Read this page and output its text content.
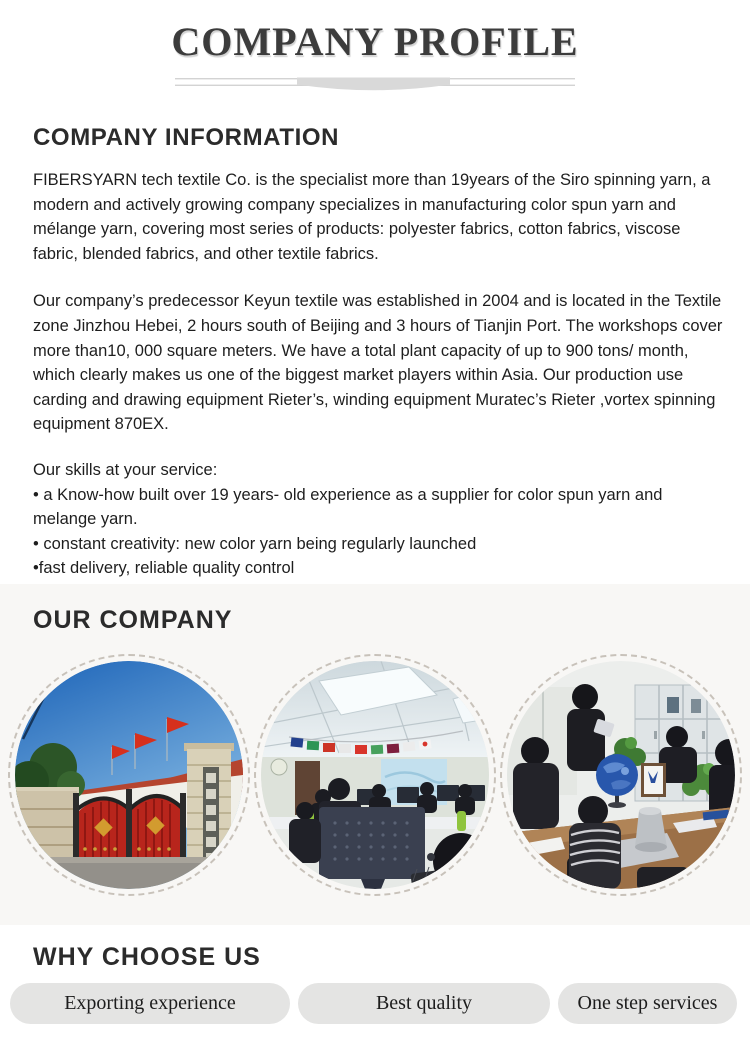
COMPANY PROFILE
COMPANY INFORMATION

FIBERSYARN tech textile Co. is the specialist more than 19years of the Siro spinning yarn, a modern and actively growing company specializes in manufacturing color spun yarn and mélange yarn, covering most series of products: polyester fabrics, cotton fabrics, viscose fabric, blended fabrics, and other textile fabrics.

Our company’s predecessor Keyun textile was established in 2004 and is located in the Textile zone Jinzhou Hebei, 2 hours south of Beijing and 3 hours of Tianjin Port. The workshops cover more than10, 000 square meters. We have a total plant capacity of up to 900 tons/ month, which clearly makes us one of the biggest market players within Asia. Our production use carding and drawing equipment Rieter’s, winding equipment Muratec’s Rieter ,vortex spinning equipment 870EX.

Our skills at your service:

• a Know-how built over 19 years- old experience as a supplier for color spun yarn and melange yarn.

• constant creativity: new color yarn being regularly launched

•fast delivery, reliable quality control

OUR COMPANY
WHY CHOOSE US
Exporting experience	Best quality	One step services
